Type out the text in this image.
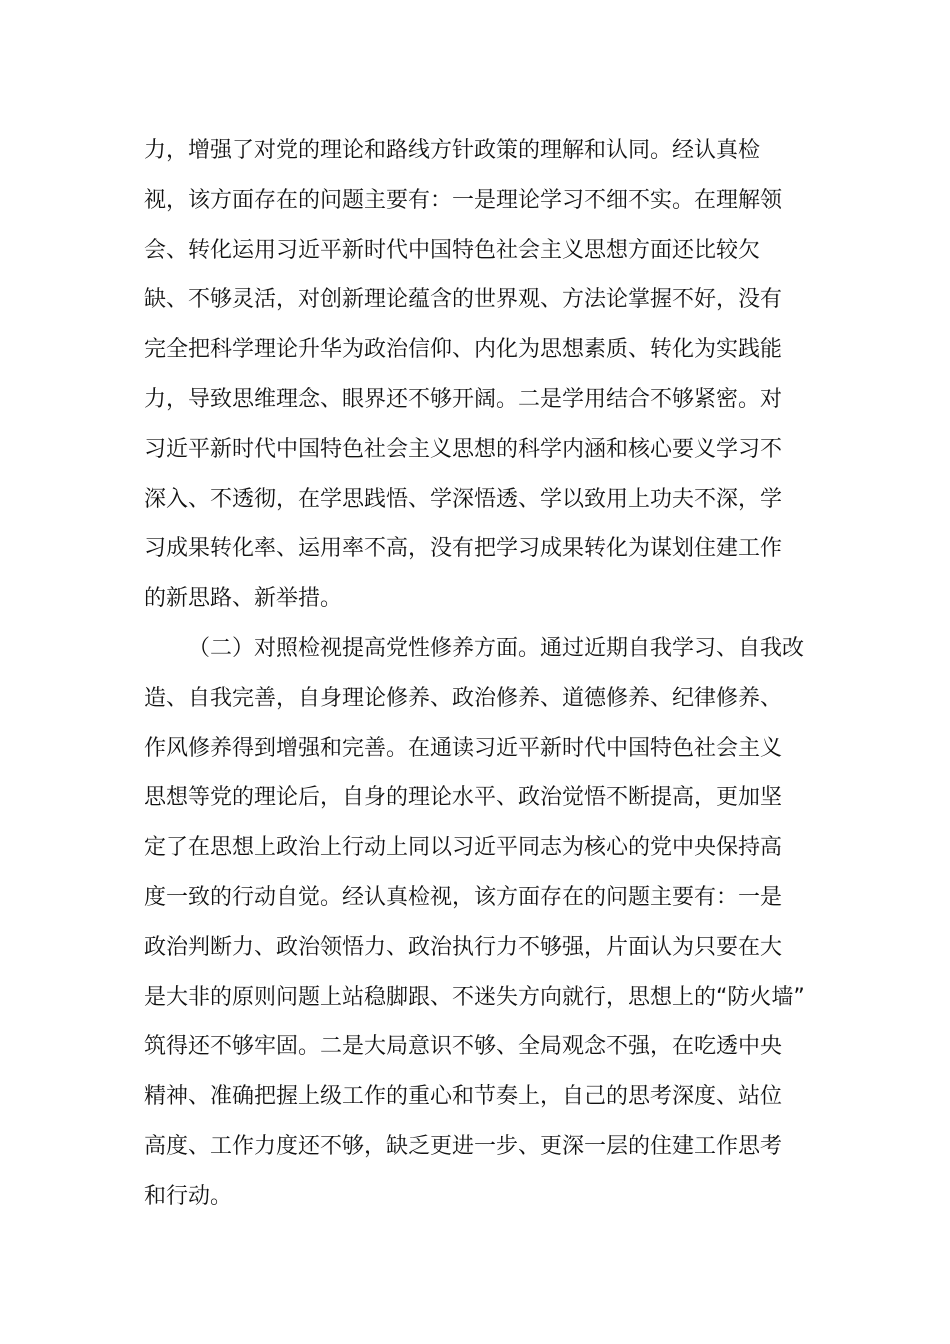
力，增强了对党的理论和路线方针政策的理解和认同。经认真检
视，该方面存在的问题主要有：一是理论学习不细不实。在理解领
会、转化运用习近平新时代中国特色社会主义思想方面还比较欠
缺、不够灵活，对创新理论蕴含的世界观、方法论掌握不好，没有
完全把科学理论升华为政治信仰、内化为思想素质、转化为实践能
力，导致思维理念、眼界还不够开阔。二是学用结合不够紧密。对
习近平新时代中国特色社会主义思想的科学内涵和核心要义学习不
深入、不透彻，在学思践悟、学深悟透、学以致用上功夫不深，学
习成果转化率、运用率不高，没有把学习成果转化为谋划住建工作
的新思路、新举措。
（二）对照检视提高党性修养方面。通过近期自我学习、自我改
造、自我完善，自身理论修养、政治修养、道德修养、纪律修养、
作风修养得到增强和完善。在通读习近平新时代中国特色社会主义
思想等党的理论后，自身的理论水平、政治觉悟不断提高，更加坚
定了在思想上政治上行动上同以习近平同志为核心的党中央保持高
度一致的行动自觉。经认真检视，该方面存在的问题主要有：一是
政治判断力、政治领悟力、政治执行力不够强，片面认为只要在大
是大非的原则问题上站稳脚跟、不迷失方向就行，思想上的“防火墙”
筑得还不够牢固。二是大局意识不够、全局观念不强，在吃透中央
精神、准确把握上级工作的重心和节奏上，自己的思考深度、站位
高度、工作力度还不够，缺乏更进一步、更深一层的住建工作思考
和行动。
